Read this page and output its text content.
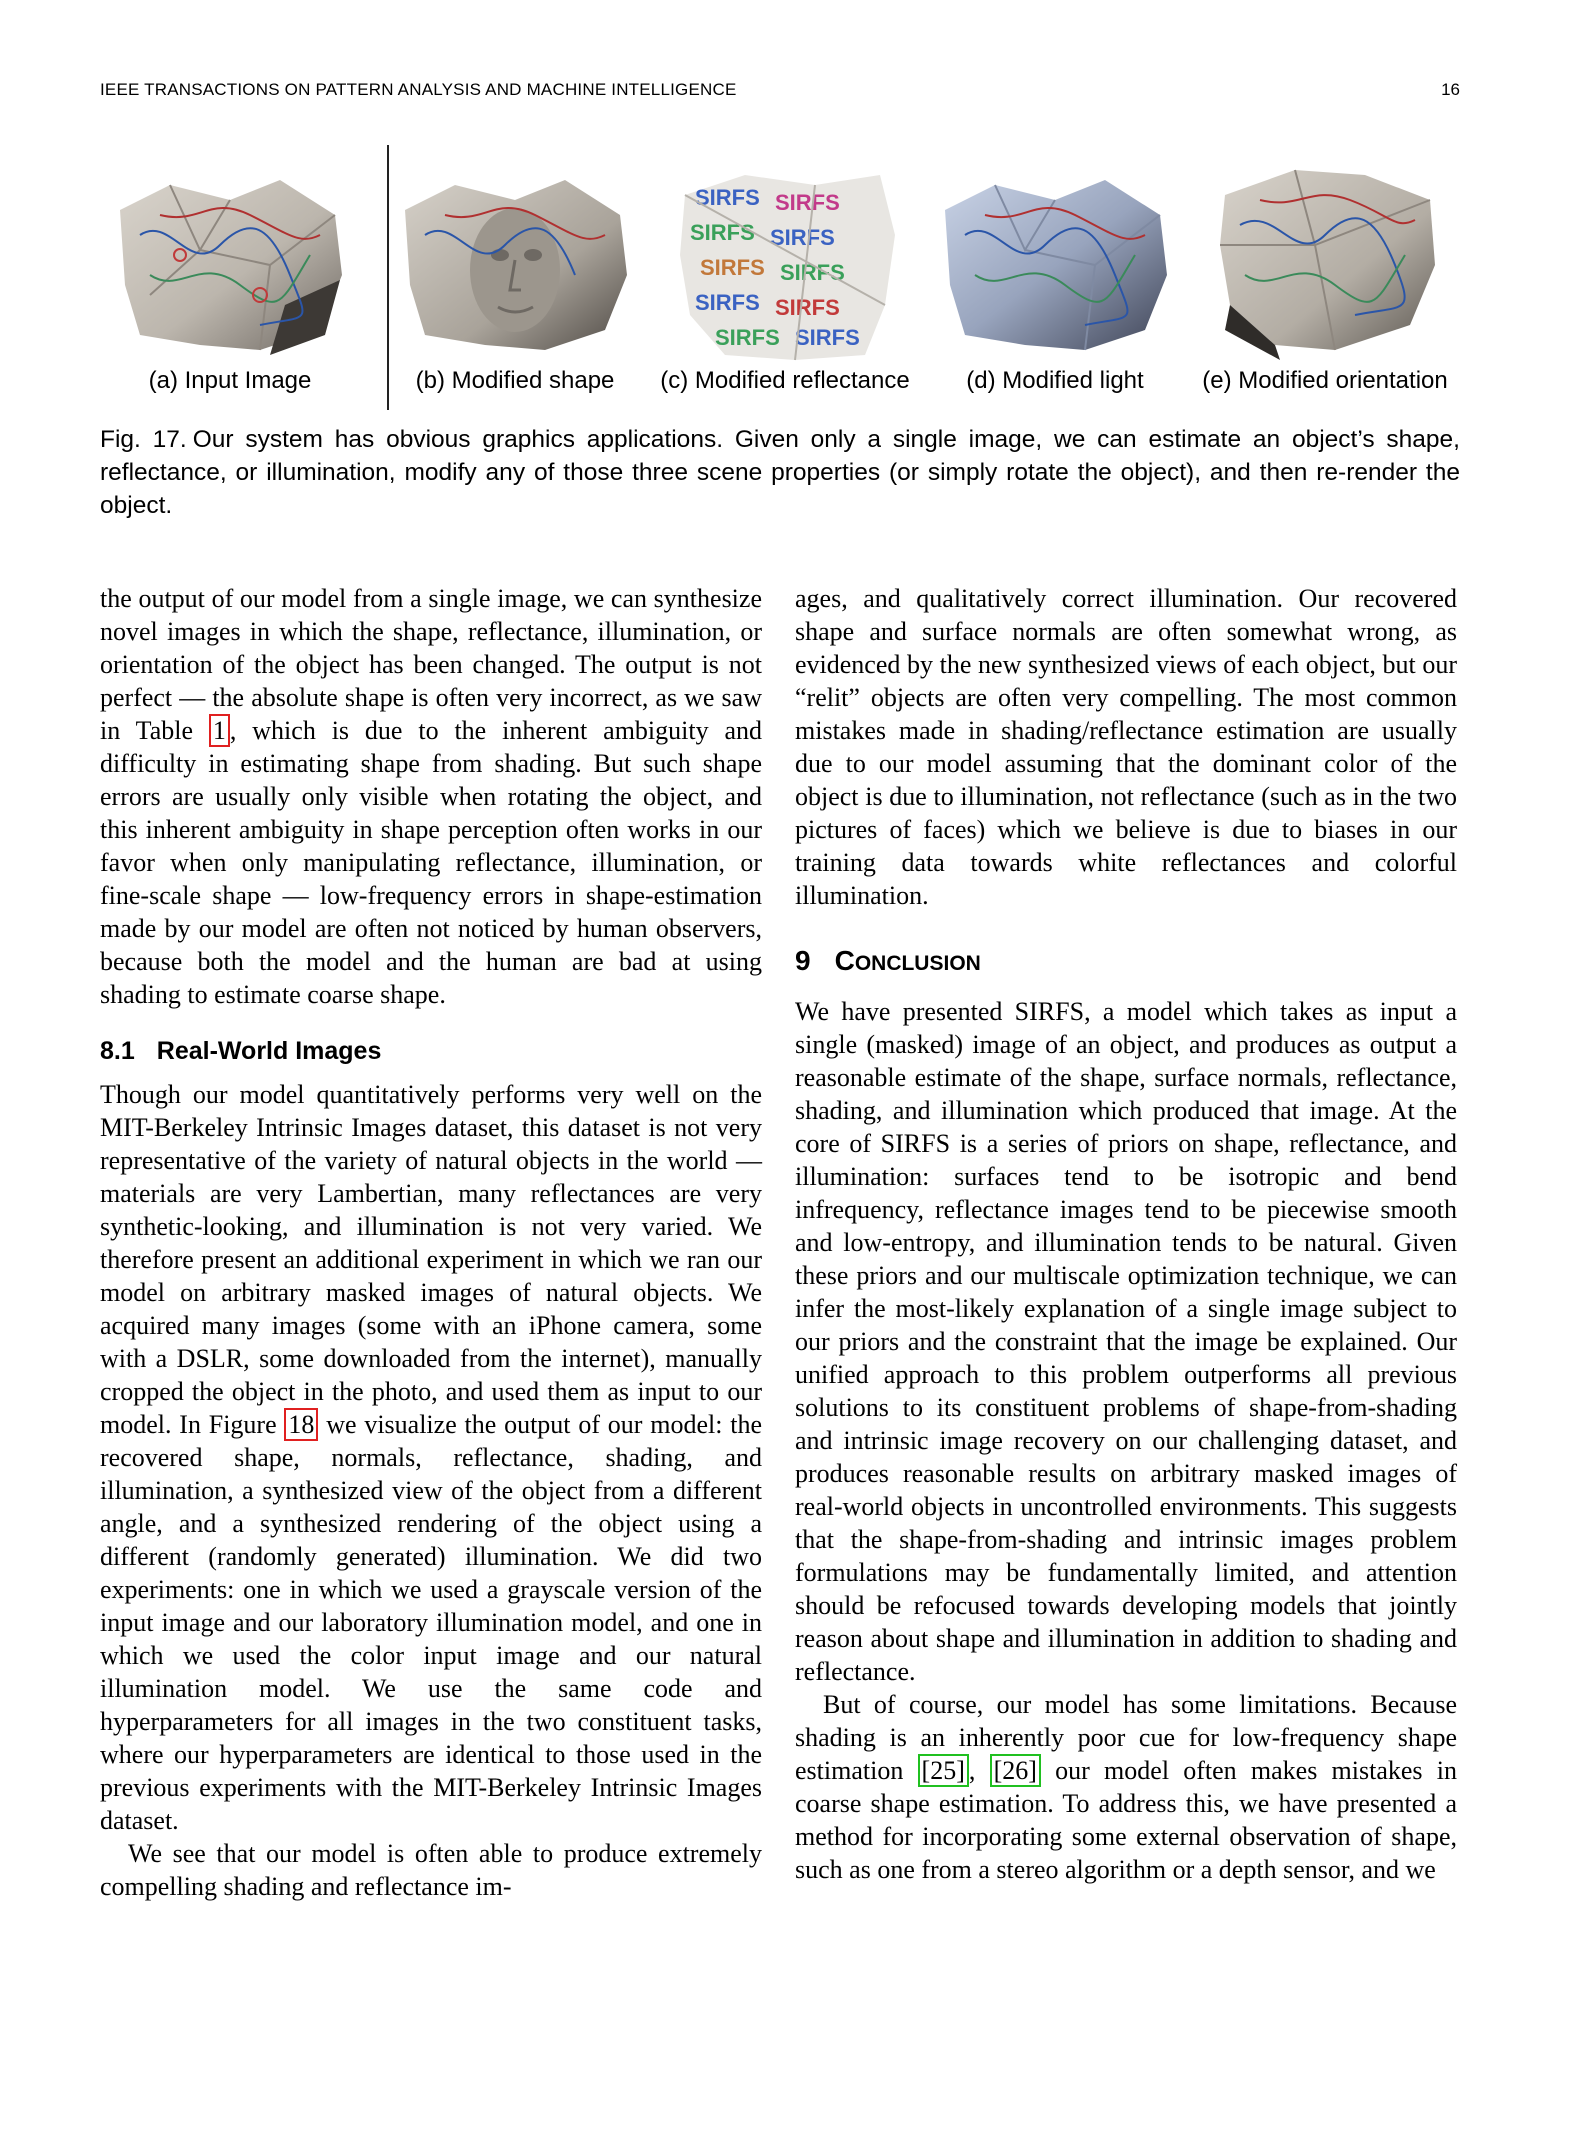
IEEE TRANSACTIONS ON PATTERN ANALYSIS AND MACHINE INTELLIGENCE	16
(a) Input Image	(b) Modified shape
SIRFS SIRFS
SIRFS SIRFS
SIRFS SIRFS
SIRFS SIRFS
SIRFS SIRFS
(c) Modified reflectance	(d) Modified light	(e) Modified orientation
Fig. 17. Our system has obvious graphics applications. Given only a single image, we can estimate an object’s shape, reflectance, or illumination, modify any of those three scene properties (or simply rotate the object), and then re-render the object.

the output of our model from a single image, we can synthesize novel images in which the shape, reflectance, illumination, or orientation of the object has been changed. The output is not perfect — the absolute shape is often very incorrect, as we saw in Table 1 , which is due to the inherent ambiguity and difficulty in estimating shape from shading. But such shape errors are usually only visible when rotating the object, and this inherent ambiguity in shape perception often works in our favor when only manipulating reflectance, illumination, or fine-scale shape — low-frequency errors in shape-estimation made by our model are often not noticed by human observers, because both the model and the human are bad at using shading to estimate coarse shape.

8.1 Real-World Images

Though our model quantitatively performs very well on the MIT-Berkeley Intrinsic Images dataset, this dataset is not very representative of the variety of natural objects in the world — materials are very Lambertian, many reflectances are very synthetic-looking, and illumination is not very varied. We therefore present an additional experiment in which we ran our model on arbitrary masked images of natural objects. We acquired many images (some with an iPhone camera, some with a DSLR, some downloaded from the internet), manually cropped the object in the photo, and used them as input to our model. In Figure 18 we visualize the output of our model: the recovered shape, normals, reflectance, shading, and illumination, a synthesized view of the object from a different angle, and a synthesized rendering of the object using a different (randomly generated) illumination. We did two experiments: one in which we used a grayscale version of the input image and our laboratory illumination model, and one in which we used the color input image and our natural illumination model. We use the same code and hyperparameters for all images in the two constituent tasks, where our hyperparameters are identical to those used in the previous experiments with the MIT-Berkeley Intrinsic Images dataset.

We see that our model is often able to produce extremely compelling shading and reflectance im-

ages, and qualitatively correct illumination. Our recovered shape and surface normals are often somewhat wrong, as evidenced by the new synthesized views of each object, but our “relit” objects are often very compelling. The most common mistakes made in shading/reflectance estimation are usually due to our model assuming that the dominant color of the object is due to illumination, not reflectance (such as in the two pictures of faces) which we believe is due to biases in our training data towards white reflectances and colorful illumination.

9 CONCLUSION

We have presented SIRFS, a model which takes as input a single (masked) image of an object, and produces as output a reasonable estimate of the shape, surface normals, reflectance, shading, and illumination which produced that image. At the core of SIRFS is a series of priors on shape, reflectance, and illumination: surfaces tend to be isotropic and bend infrequency, reflectance images tend to be piecewise smooth and low-entropy, and illumination tends to be natural. Given these priors and our multiscale optimization technique, we can infer the most-likely explanation of a single image subject to our priors and the constraint that the image be explained. Our unified approach to this problem outperforms all previous solutions to its constituent problems of shape-from-shading and intrinsic image recovery on our challenging dataset, and produces reasonable results on arbitrary masked images of real-world objects in uncontrolled environments. This suggests that the shape-from-shading and intrinsic images problem formulations may be fundamentally limited, and attention should be refocused towards developing models that jointly reason about shape and illumination in addition to shading and reflectance.

But of course, our model has some limitations. Because shading is an inherently poor cue for low-frequency shape estimation [25] , [26] our model often makes mistakes in coarse shape estimation. To address this, we have presented a method for incorporating some external observation of shape, such as one from a stereo algorithm or a depth sensor, and we
